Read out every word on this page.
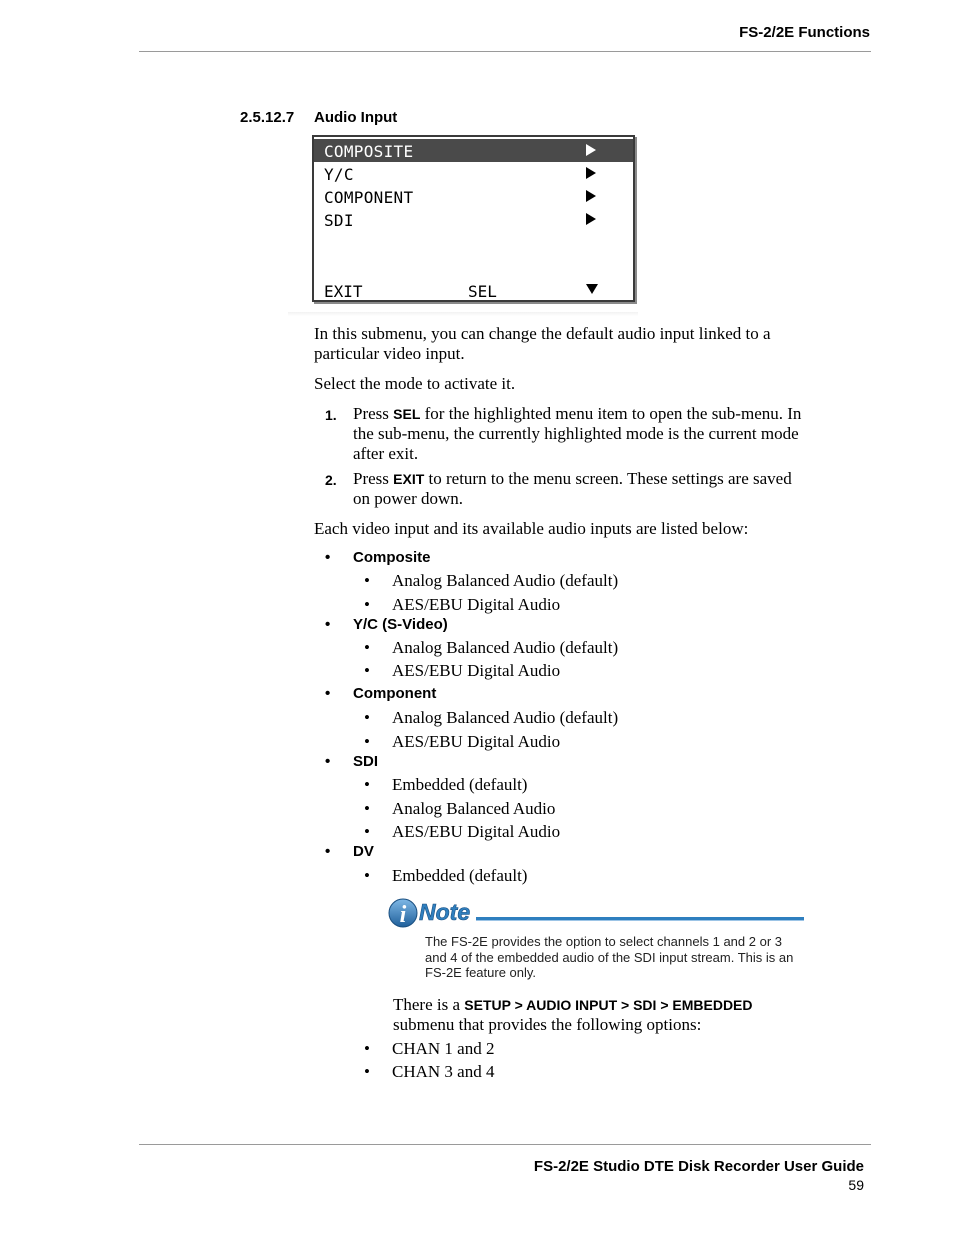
FS-2/2E Functions
2.5.12.7 Audio Input
COMPOSITE
Y/C
COMPONENT
SDI
EXIT	SEL
In this submenu, you can change the default audio input linked to a particular video input.
Select the mode to activate it.
1. Press SEL for the highlighted menu item to open the sub-menu. In the sub-menu, the currently highlighted mode is the current mode after exit.
2. Press EXIT to return to the menu screen. These settings are saved on power down.
Each video input and its available audio inputs are listed below:
• Composite
• Analog Balanced Audio (default)
• AES/EBU Digital Audio
• Y/C (S-Video)
• Analog Balanced Audio (default)
• AES/EBU Digital Audio
• Component
• Analog Balanced Audio (default)
• AES/EBU Digital Audio
• SDI
• Embedded (default)
• Analog Balanced Audio
• AES/EBU Digital Audio
• DV
• Embedded (default)
i Note
The FS-2E provides the option to select channels 1 and 2 or 3 and 4 of the embedded audio of the SDI input stream. This is an FS-2E feature only.
There is a SETUP > AUDIO INPUT > SDI > EMBEDDED
submenu that provides the following options:
• CHAN 1 and 2
• CHAN 3 and 4
FS-2/2E Studio DTE Disk Recorder User Guide
59
